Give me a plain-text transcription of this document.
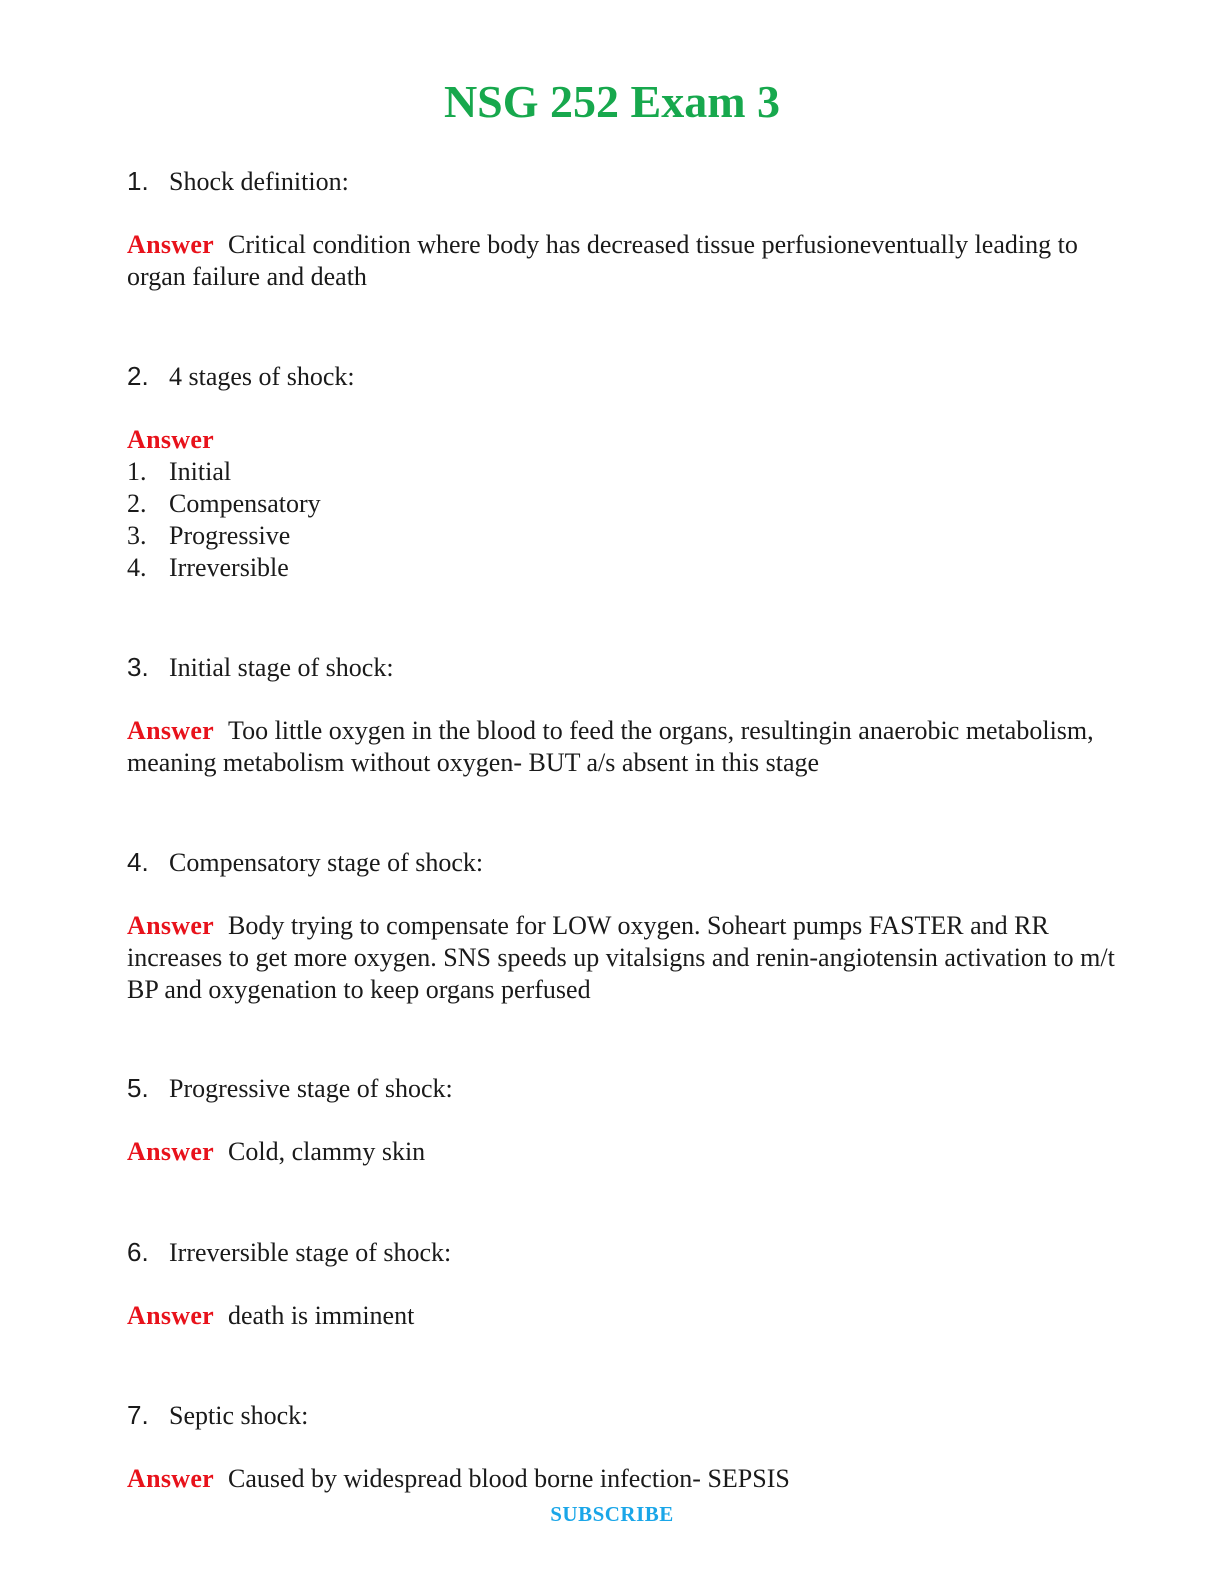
NSG 252 Exam 3
1. Shock definition:
Answer Critical condition where body has decreased tissue perfusioneventually leading to organ failure and death
2. 4 stages of shock:
Answer
1. Initial
2. Compensatory
3. Progressive
4. Irreversible
3. Initial stage of shock:
Answer Too little oxygen in the blood to feed the organs, resultingin anaerobic metabolism, meaning metabolism without oxygen- BUT a/s absent in this stage
4. Compensatory stage of shock:
Answer Body trying to compensate for LOW oxygen. Soheart pumps FASTER and RR increases to get more oxygen. SNS speeds up vitalsigns and renin-angiotensin activation to m/t BP and oxygenation to keep organs perfused
5. Progressive stage of shock:
Answer Cold, clammy skin
6. Irreversible stage of shock:
Answer death is imminent
7. Septic shock:
Answer Caused by widespread blood borne infection- SEPSIS
SUBSCRIBE
